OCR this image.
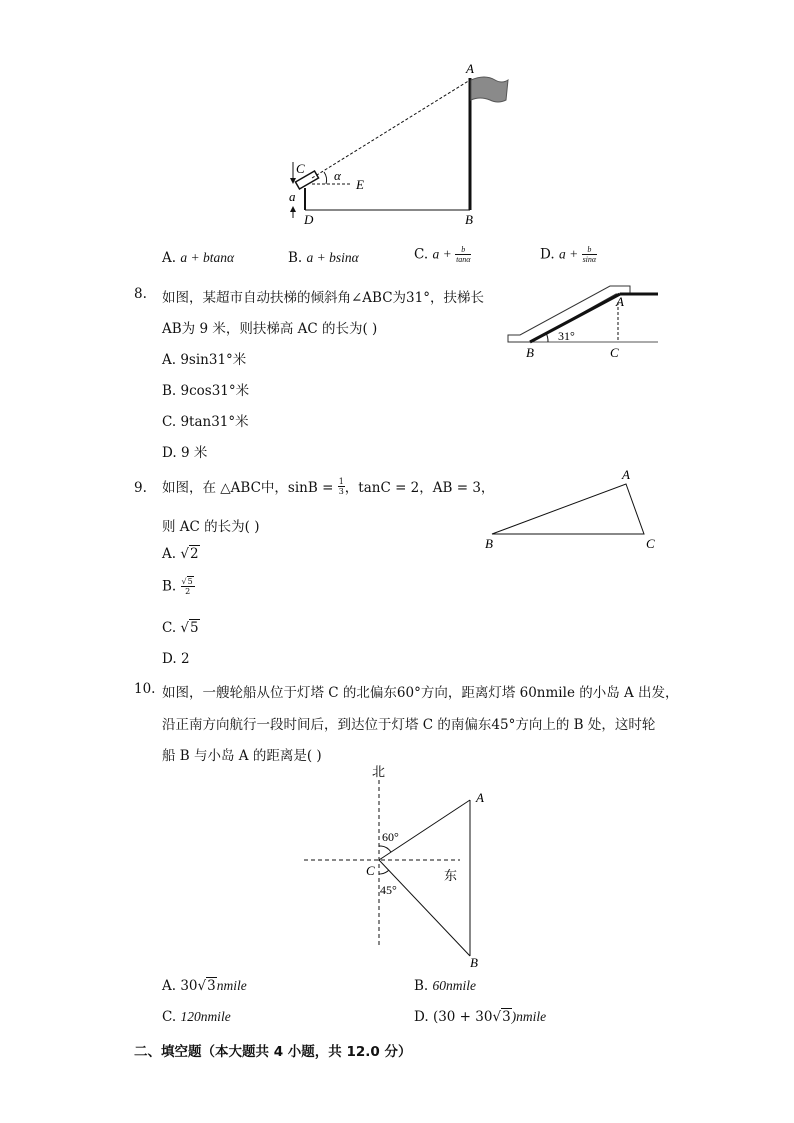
A
B
C
D
E
α
a
A. a + btanα	B. a + bsinα	C. $a + \frac{b}{\tan\alpha}$	D. $a + \frac{b}{\sin\alpha}$
8. 如图，某超市自动扶梯的倾斜角∠ABC为31°，扶梯长
AB为 9 米，则扶梯高 AC 的长为( )
A. 9sin31°米
B. 9cos31°米
C. 9tan31°米
D. 9 米
31°
A
B	C
9. 如图，在 △ABC中，$\sin B = \frac{1}{3}$ ，tanC = 2，AB = 3，
则 AC 的长为( )
A. √2
B. $\frac{√5}{2}$
C. √5
D. 2
A
B	C
10. 如图，一艘轮船从位于灯塔 C 的北偏东60°方向，距离灯塔 60nmile 的小岛 A 出发，
沿正南方向航行一段时间后，到达位于灯塔 C 的南偏东45°方向上的 B 处，这时轮
船 B 与小岛 A 的距离是( )
北
东
A
B
C
60°
45°
A. 30√3nmile	B. 60nmile
C. 120nmile	D. (30 + 30√3)nmile
二、填空题（本大题共 4 小题，共 12.0 分）
